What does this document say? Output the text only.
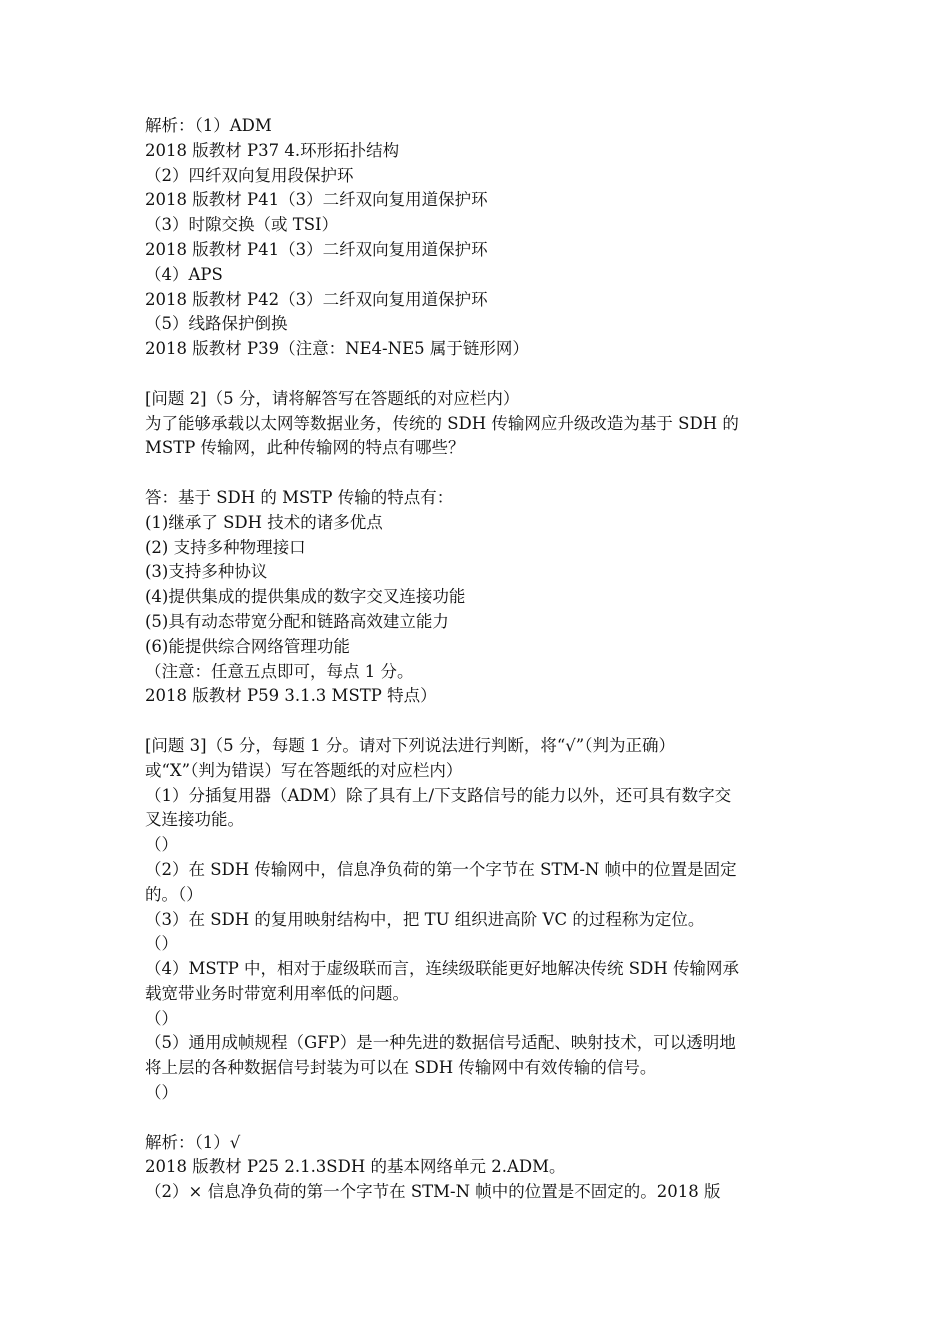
解析：（1）ADM
2018 版教材 P37 4.环形拓扑结构
（2）四纤双向复用段保护环
2018 版教材 P41（3）二纤双向复用道保护环
（3）时隙交换（或 TSI）
2018 版教材 P41（3）二纤双向复用道保护环
（4）APS
2018 版教材 P42（3）二纤双向复用道保护环
（5）线路保护倒换
2018 版教材 P39（注意：NE4-NE5 属于链形网）
[问题 2]（5 分，请将解答写在答题纸的对应栏内）
为了能够承载以太网等数据业务，传统的 SDH 传输网应升级改造为基于 SDH 的
MSTP 传输网，此种传输网的特点有哪些？
答：基于 SDH 的 MSTP 传输的特点有：
(1)继承了 SDH 技术的诸多优点
(2) 支持多种物理接口
(3)支持多种协议
(4)提供集成的提供集成的数字交叉连接功能
(5)具有动态带宽分配和链路高效建立能力
(6)能提供综合网络管理功能
（注意：任意五点即可，每点 1 分。
2018 版教材 P59 3.1.3 MSTP 特点）
[问题 3]（5 分，每题 1 分。请对下列说法进行判断，将“√”（判为正确）
或“X”（判为错误）写在答题纸的对应栏内）
（1）分插复用器（ADM）除了具有上/下支路信号的能力以外，还可具有数字交
叉连接功能。
（）
（2）在 SDH 传输网中，信息净负荷的第一个字节在 STM-N 帧中的位置是固定
的。（）
（3）在 SDH 的复用映射结构中，把 TU 组织进高阶 VC 的过程称为定位。
（）
（4）MSTP 中，相对于虚级联而言，连续级联能更好地解决传统 SDH 传输网承
载宽带业务时带宽利用率低的问题。
（）
（5）通用成帧规程（GFP）是一种先进的数据信号适配、映射技术，可以透明地
将上层的各种数据信号封装为可以在 SDH 传输网中有效传输的信号。
（）
解析：（1）√
2018 版教材 P25 2.1.3SDH 的基本网络单元 2.ADM。
（2）× 信息净负荷的第一个字节在 STM-N 帧中的位置是不固定的。2018 版
